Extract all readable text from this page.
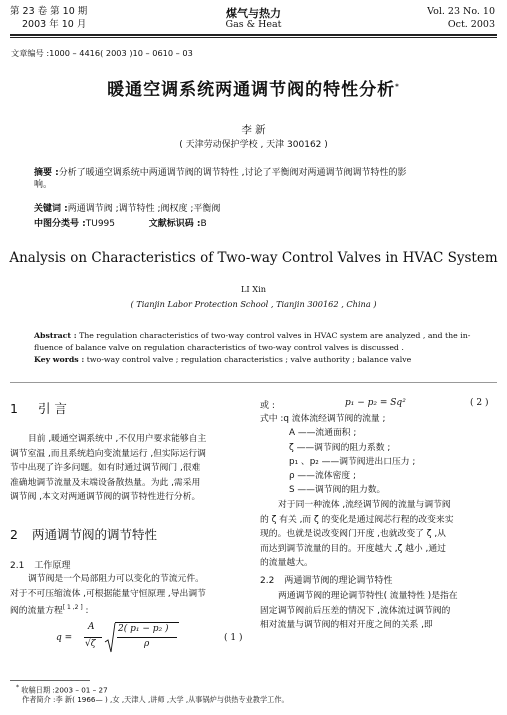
第 23 卷 第 10 期
2003 年 10 月
煤气与热力
Gas & Heat
Vol. 23 No. 10
Oct. 2003
文章编号 :1000 – 4416( 2003 )10 – 0610 – 03
暖通空调系统两通调节阀的特性分析*
李 新
( 天津劳动保护学校 , 天津 300162 )
摘要 :分析了暖通空调系统中两通调节阀的调节特性 ,讨论了平衡阀对两通调节阀调节特性的影
响。
关键词 :两通调节阀 ;调节特性 ;阀权度 ;平衡阀
中图分类号 :TU995	文献标识码 :B
Analysis on Characteristics of Two-way Control Valves in HVAC System
LI Xin
( Tianjin Labor Protection School , Tianjin 300162 , China )
Abstract : The regulation characteristics of two-way control valves in HVAC system are analyzed , and the in-
fluence of balance valve on regulation characteristics of two-way control valves is discussed .
Key words : two-way control valve ; regulation characteristics ; valve authority ; balance valve
1 引 言
目前 ,暖通空调系统中 ,不仅用户要求能够自主
调节室温 ,而且系统趋向变流量运行 ,但实际运行调
节中出现了许多问题。如有时通过调节阀门 ,很难
准确地调节流量及末端设备散热量。为此 ,需采用
调节阀 ,本文对两通调节阀的调节特性进行分析。
2 两通调节阀的调节特性
2.1 工作原理
调节阀是一个局部阻力可以变化的节流元件。
对于不可压缩流体 ,可根据能量守恒原理 ,导出调节
阀的流量方程[ 1 ,2 ] :
q =
A
√ζ
2( p₁ − p₂ )
ρ
( 1 )
或 :	p₁ − p₂ = Sq²	( 2 )
式中 :q 流体流经调节阀的流量 ;
A ——流通面积 ;
ζ ——调节阀的阻力系数 ;
p₁ 、p₂ ——调节阀进出口压力 ;
ρ ——流体密度 ;
S ——调节阀的阻力数。
对于同一种流体 ,流经调节阀的流量与调节阀
的 ζ 有关 ,而 ζ 的变化是通过阀芯行程的改变来实
现的。也就是说改变阀门开度 ,也就改变了 ζ ,从
而达到调节流量的目的。开度越大 ,ζ 越小 ,通过
的流量越大。
2.2 两通调节阀的理论调节特性
两通调节阀的理论调节特性( 流量特性 )是指在
固定调节阀前后压差的情况下 ,流体流过调节阀的
相对流量与调节阀的相对开度之间的关系 ,即
* 收稿日期 :2003 – 01 – 27
作者简介 :李 新( 1966— ) ,女 ,天津人 ,讲师 ,大学 ,从事锅炉与供热专业教学工作。
